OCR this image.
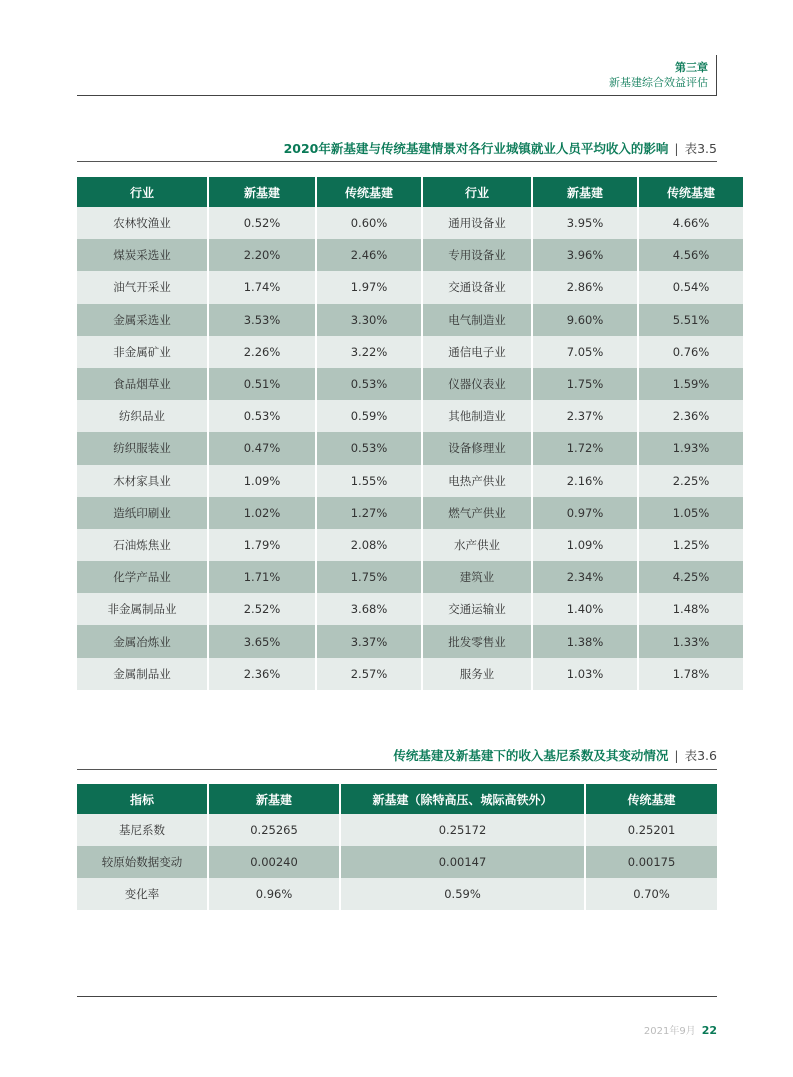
第三章
新基建综合效益评估
2020年新基建与传统基建情景对各行业城镇就业人员平均收入的影响 | 表3.5
行业	新基建	传统基建	行业	新基建	传统基建
农林牧渔业	0.52%	0.60%	通用设备业	3.95%	4.66%
煤炭采选业	2.20%	2.46%	专用设备业	3.96%	4.56%
油气开采业	1.74%	1.97%	交通设备业	2.86%	0.54%
金属采选业	3.53%	3.30%	电气制造业	9.60%	5.51%
非金属矿业	2.26%	3.22%	通信电子业	7.05%	0.76%
食品烟草业	0.51%	0.53%	仪器仪表业	1.75%	1.59%
纺织品业	0.53%	0.59%	其他制造业	2.37%	2.36%
纺织服装业	0.47%	0.53%	设备修理业	1.72%	1.93%
木材家具业	1.09%	1.55%	电热产供业	2.16%	2.25%
造纸印刷业	1.02%	1.27%	燃气产供业	0.97%	1.05%
石油炼焦业	1.79%	2.08%	水产供业	1.09%	1.25%
化学产品业	1.71%	1.75%	建筑业	2.34%	4.25%
非金属制品业	2.52%	3.68%	交通运输业	1.40%	1.48%
金属冶炼业	3.65%	3.37%	批发零售业	1.38%	1.33%
金属制品业	2.36%	2.57%	服务业	1.03%	1.78%
传统基建及新基建下的收入基尼系数及其变动情况 | 表3.6
指标	新基建	新基建（除特高压、城际高铁外）	传统基建
基尼系数	0.25265	0.25172	0.25201
较原始数据变动	0.00240	0.00147	0.00175
变化率	0.96%	0.59%	0.70%
2021年9月 22
